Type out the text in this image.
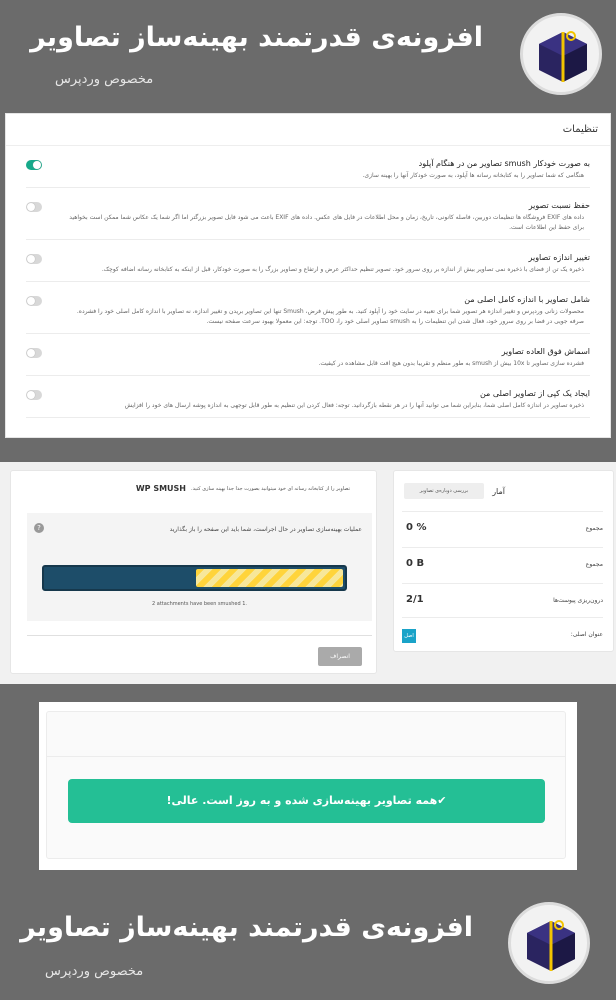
افزونه‌ی قدرتمند بهینه‌ساز تصاویر
مخصوص وردپرس
تنظیمات
به صورت خودکار smush تصاویر من در هنگام آپلود
هنگامی که شما تصاویر را به کتابخانه رسانه ها آپلود، به صورت خودکار آنها را بهینه سازی.
حفظ نسبت تصویر
داده های EXIF فروشگاه ها تنظیمات دوربین، فاصله کانونی، تاریخ، زمان و محل اطلاعات در فایل های عکس. داده های EXIF باعث می شود فایل تصویر بزرگتر اما اگر شما یک عکاس شما ممکن است بخواهید برای حفظ این اطلاعات است.
تغییر اندازه تصاویر
ذخیره یک تن از فضای با ذخیره نمی تصاویر بیش از اندازه بر روی سرور خود. تصویر تنظیم حداکثر عرض و ارتفاع و تصاویر بزرگ را به صورت خودکار، قبل از اینکه به کتابخانه رسانه اضافه کوچک.
شامل تصاویر با اندازه کامل اصلی من
محصولات زنانی وردپرس و تغییر اندازه هر تصویر شما برای تعبیه در سایت خود را آپلود کنید. به طور پیش فرض، Smush تنها این تصاویر بریدن و تغییر اندازه، نه تصاویر با اندازه کامل اصلی خود را فشرده. صرفه جویی در فضا بر روی سرور خود، فعال شدن این تنظیمات را به smush تصاویر اصلی خود را، TOO. توجه: این معمولا بهبود سرعت صفحه نیست.
اسماش فوق العاده تصاویر
فشرده سازی تصاویر تا 10x بیش از smush به طور منظم و تقریبا بدون هیچ افت قابل مشاهده در کیفیت.
ایجاد یک کپی از تصاویر اصلی من
ذخیره تصاویر در اندازه کامل اصلی شما، بنابراین شما می توانید آنها را در هر نقطه بازگردانید. توجه: فعال کردن این تنظیم به طور قابل توجهی به اندازه پوشه ارسال های خود را افزایش
WP SMUSH تصاویر را از کتابخانه رسانه ای خود میتوانید بصورت جدا جدا بهینه سازی کنید.
عملیات بهینه‌سازی تصاویر در حال اجراست، شما باید این صفحه را باز بگذارید
?
2 attachments have been smushed 1.
انصراف
آمار
بررسی دوباره‌ی تصاویر
مجموع
0 %
مجموع
0 B
درون‌ریزی پیوست‌ها
2/1
عنوان اصلی:
اصل
✔همه تصاویر بهینه‌سازی شده و به روز است. عالی!
افزونه‌ی قدرتمند بهینه‌ساز تصاویر
مخصوص وردپرس
